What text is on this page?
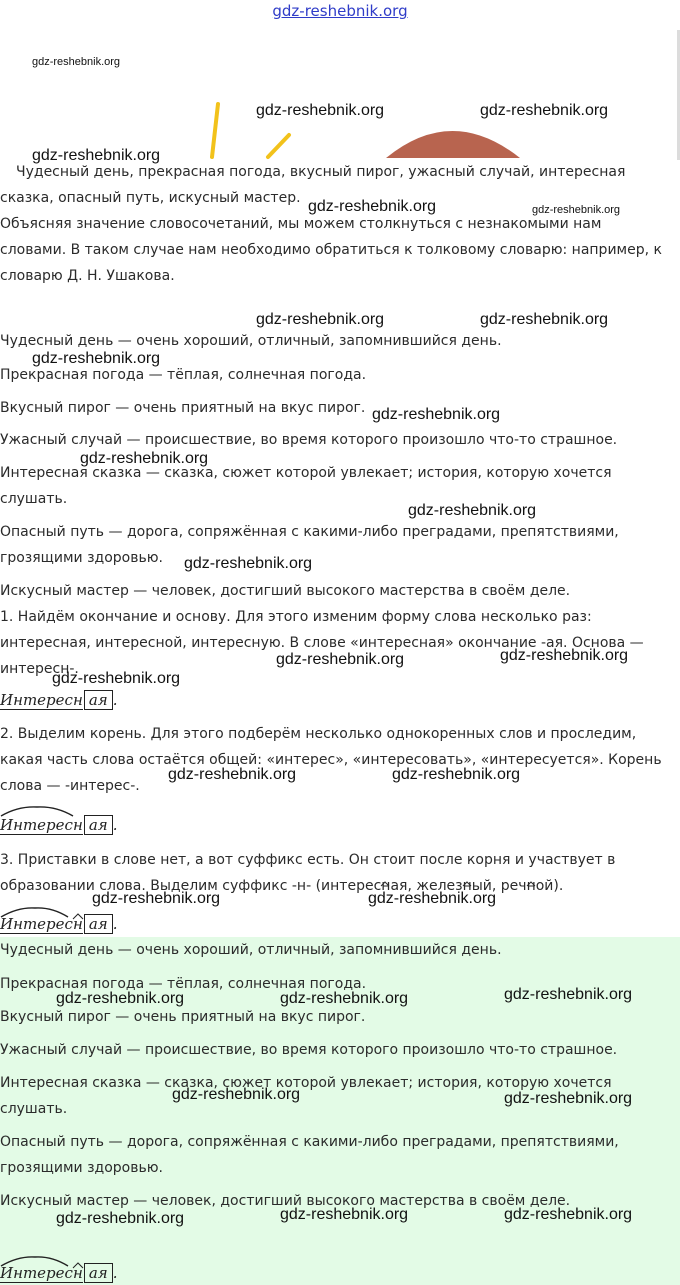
gdz-reshebnik.org
gdz-reshebnik.org
Чудесный день, прекрасная погода, вкусный пирог, ужасный случай, интересная
сказка, опасный путь, искусный мастер.
Объясняя значение словосочетаний, мы можем столкнуться с незнакомыми нам
словами. В таком случае нам необходимо обратиться к толковому словарю: например, к
словарю Д. Н. Ушакова.
Чудесный день — очень хороший, отличный, запомнившийся день.
Прекрасная погода — тёплая, солнечная погода.
Вкусный пирог — очень приятный на вкус пирог.
Ужасный случай — происшествие, во время которого произошло что-то страшное.
Интересная сказка — сказка, сюжет которой увлекает; история, которую хочется
слушать.
Опасный путь — дорога, сопряжённая с какими-либо преградами, препятствиями,
грозящими здоровью.
Искусный мастер — человек, достигший высокого мастерства в своём деле.
1. Найдём окончание и основу. Для этого изменим форму слова несколько раз:
интересная, интересной, интересную. В слове «интересная» окончание -ая. Основа —
интересн-.
Интересн ая .
2. Выделим корень. Для этого подберём несколько однокоренных слов и проследим,
какая часть слова остаётся общей: «интерес», «интересовать», «интересуется». Корень
слова — -интерес-.
Интересн ая .
3. Приставки в слове нет, а вот суффикс есть. Он стоит после корня и участвует в
образовании слова. Выделим суффикс -н- (интересн
ая, железн
ый, речн
ой).
Интересн ая .
Чудесный день — очень хороший, отличный, запомнившийся день.
Прекрасная погода — тёплая, солнечная погода.
Вкусный пирог — очень приятный на вкус пирог.
Ужасный случай — происшествие, во время которого произошло что-то страшное.
Интересная сказка — сказка, сюжет которой увлекает; история, которую хочется
слушать.
Опасный путь — дорога, сопряжённая с какими-либо преградами, препятствиями,
грозящими здоровью.
Искусный мастер — человек, достигший высокого мастерства в своём деле.
Интересн ая .
gdz-reshebnik.org	gdz-reshebnik.org
gdz-reshebnik.org
gdz-reshebnik.org	gdz-reshebnik.org
gdz-reshebnik.org	gdz-reshebnik.org
gdz-reshebnik.org
gdz-reshebnik.org
gdz-reshebnik.org
gdz-reshebnik.org
gdz-reshebnik.org
gdz-reshebnik.org	gdz-reshebnik.org
gdz-reshebnik.org
gdz-reshebnik.org	gdz-reshebnik.org
gdz-reshebnik.org	gdz-reshebnik.org
gdz-reshebnik.org	gdz-reshebnik.org	gdz-reshebnik.org
gdz-reshebnik.org	gdz-reshebnik.org
gdz-reshebnik.org	gdz-reshebnik.org	gdz-reshebnik.org
